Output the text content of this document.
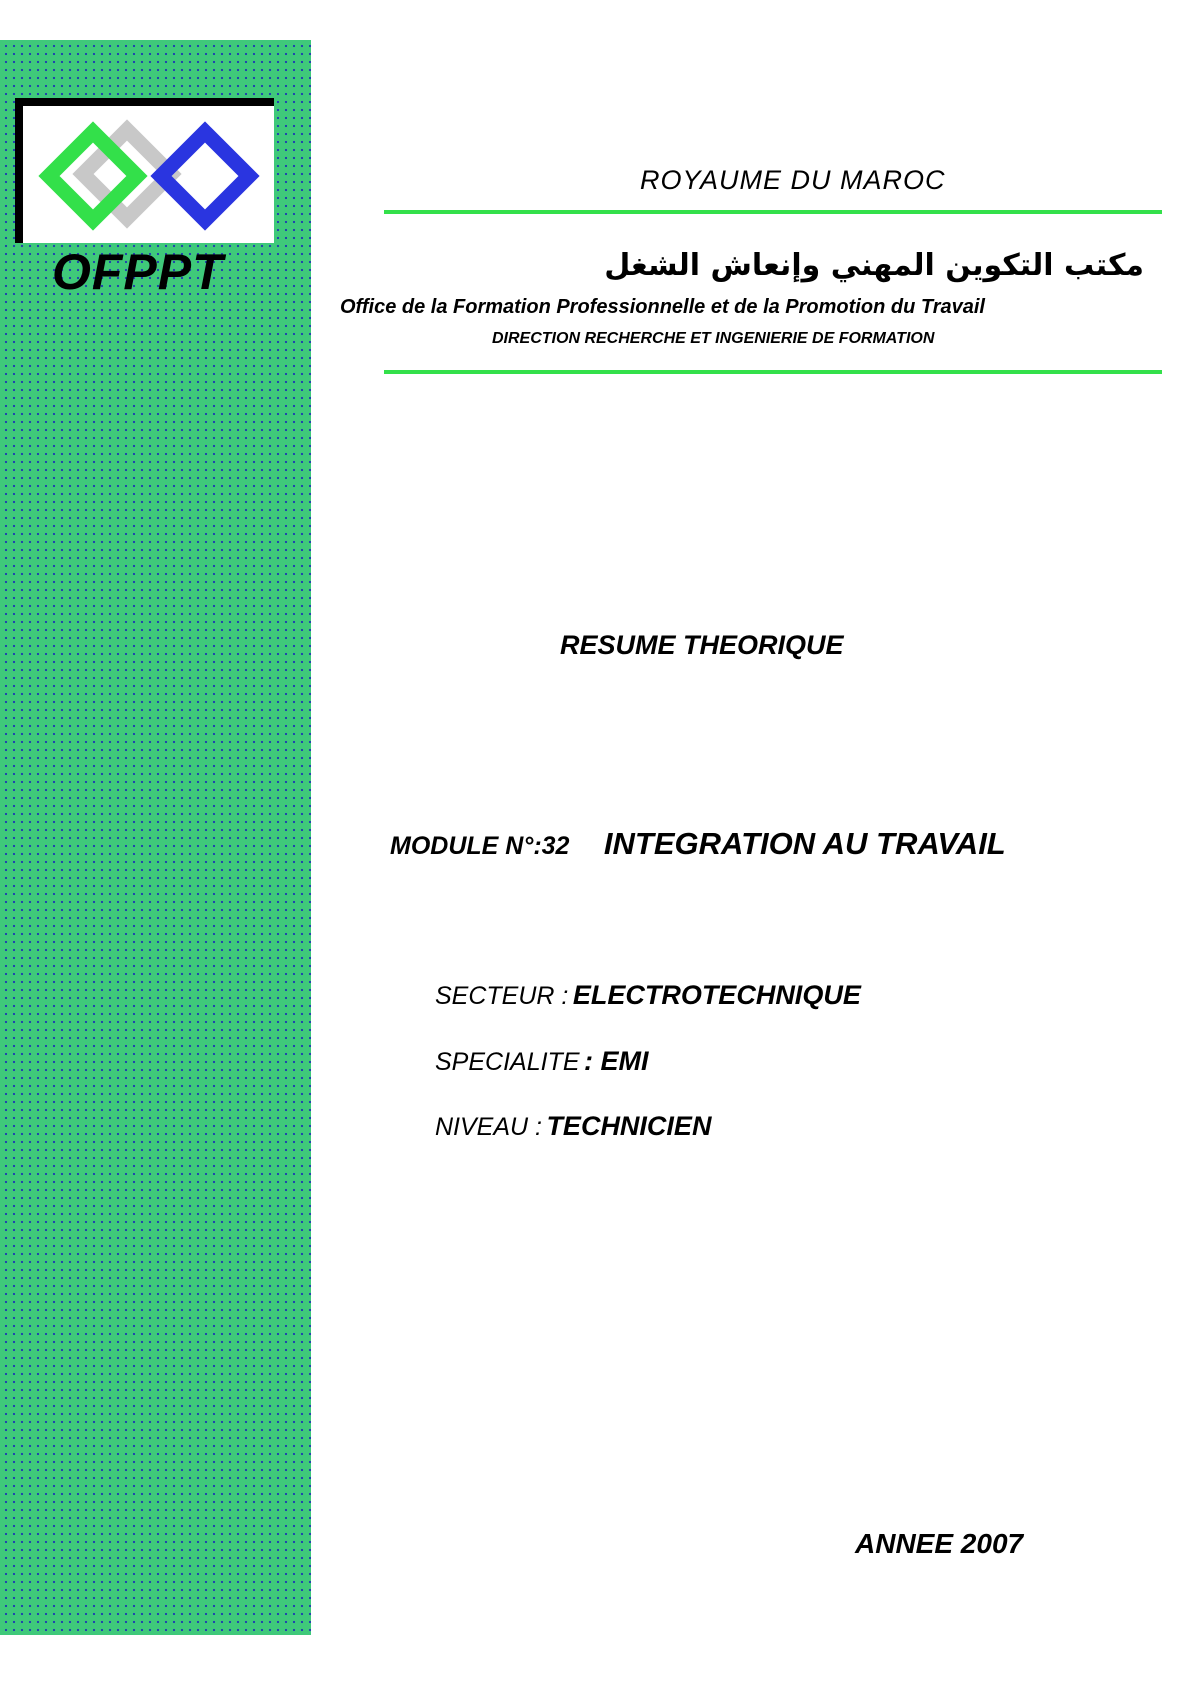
OFPPT
ROYAUME DU MAROC
مكتب التكوين المهني وإنعاش الشغل
Office de la Formation Professionnelle et de la Promotion du Travail
DIRECTION RECHERCHE ET INGENIERIE DE FORMATION
RESUME THEORIQUE
MODULE N°:32 INTEGRATION AU TRAVAIL
SECTEUR : ELECTROTECHNIQUE
SPECIALITE : EMI
NIVEAU : TECHNICIEN
ANNEE 2007
